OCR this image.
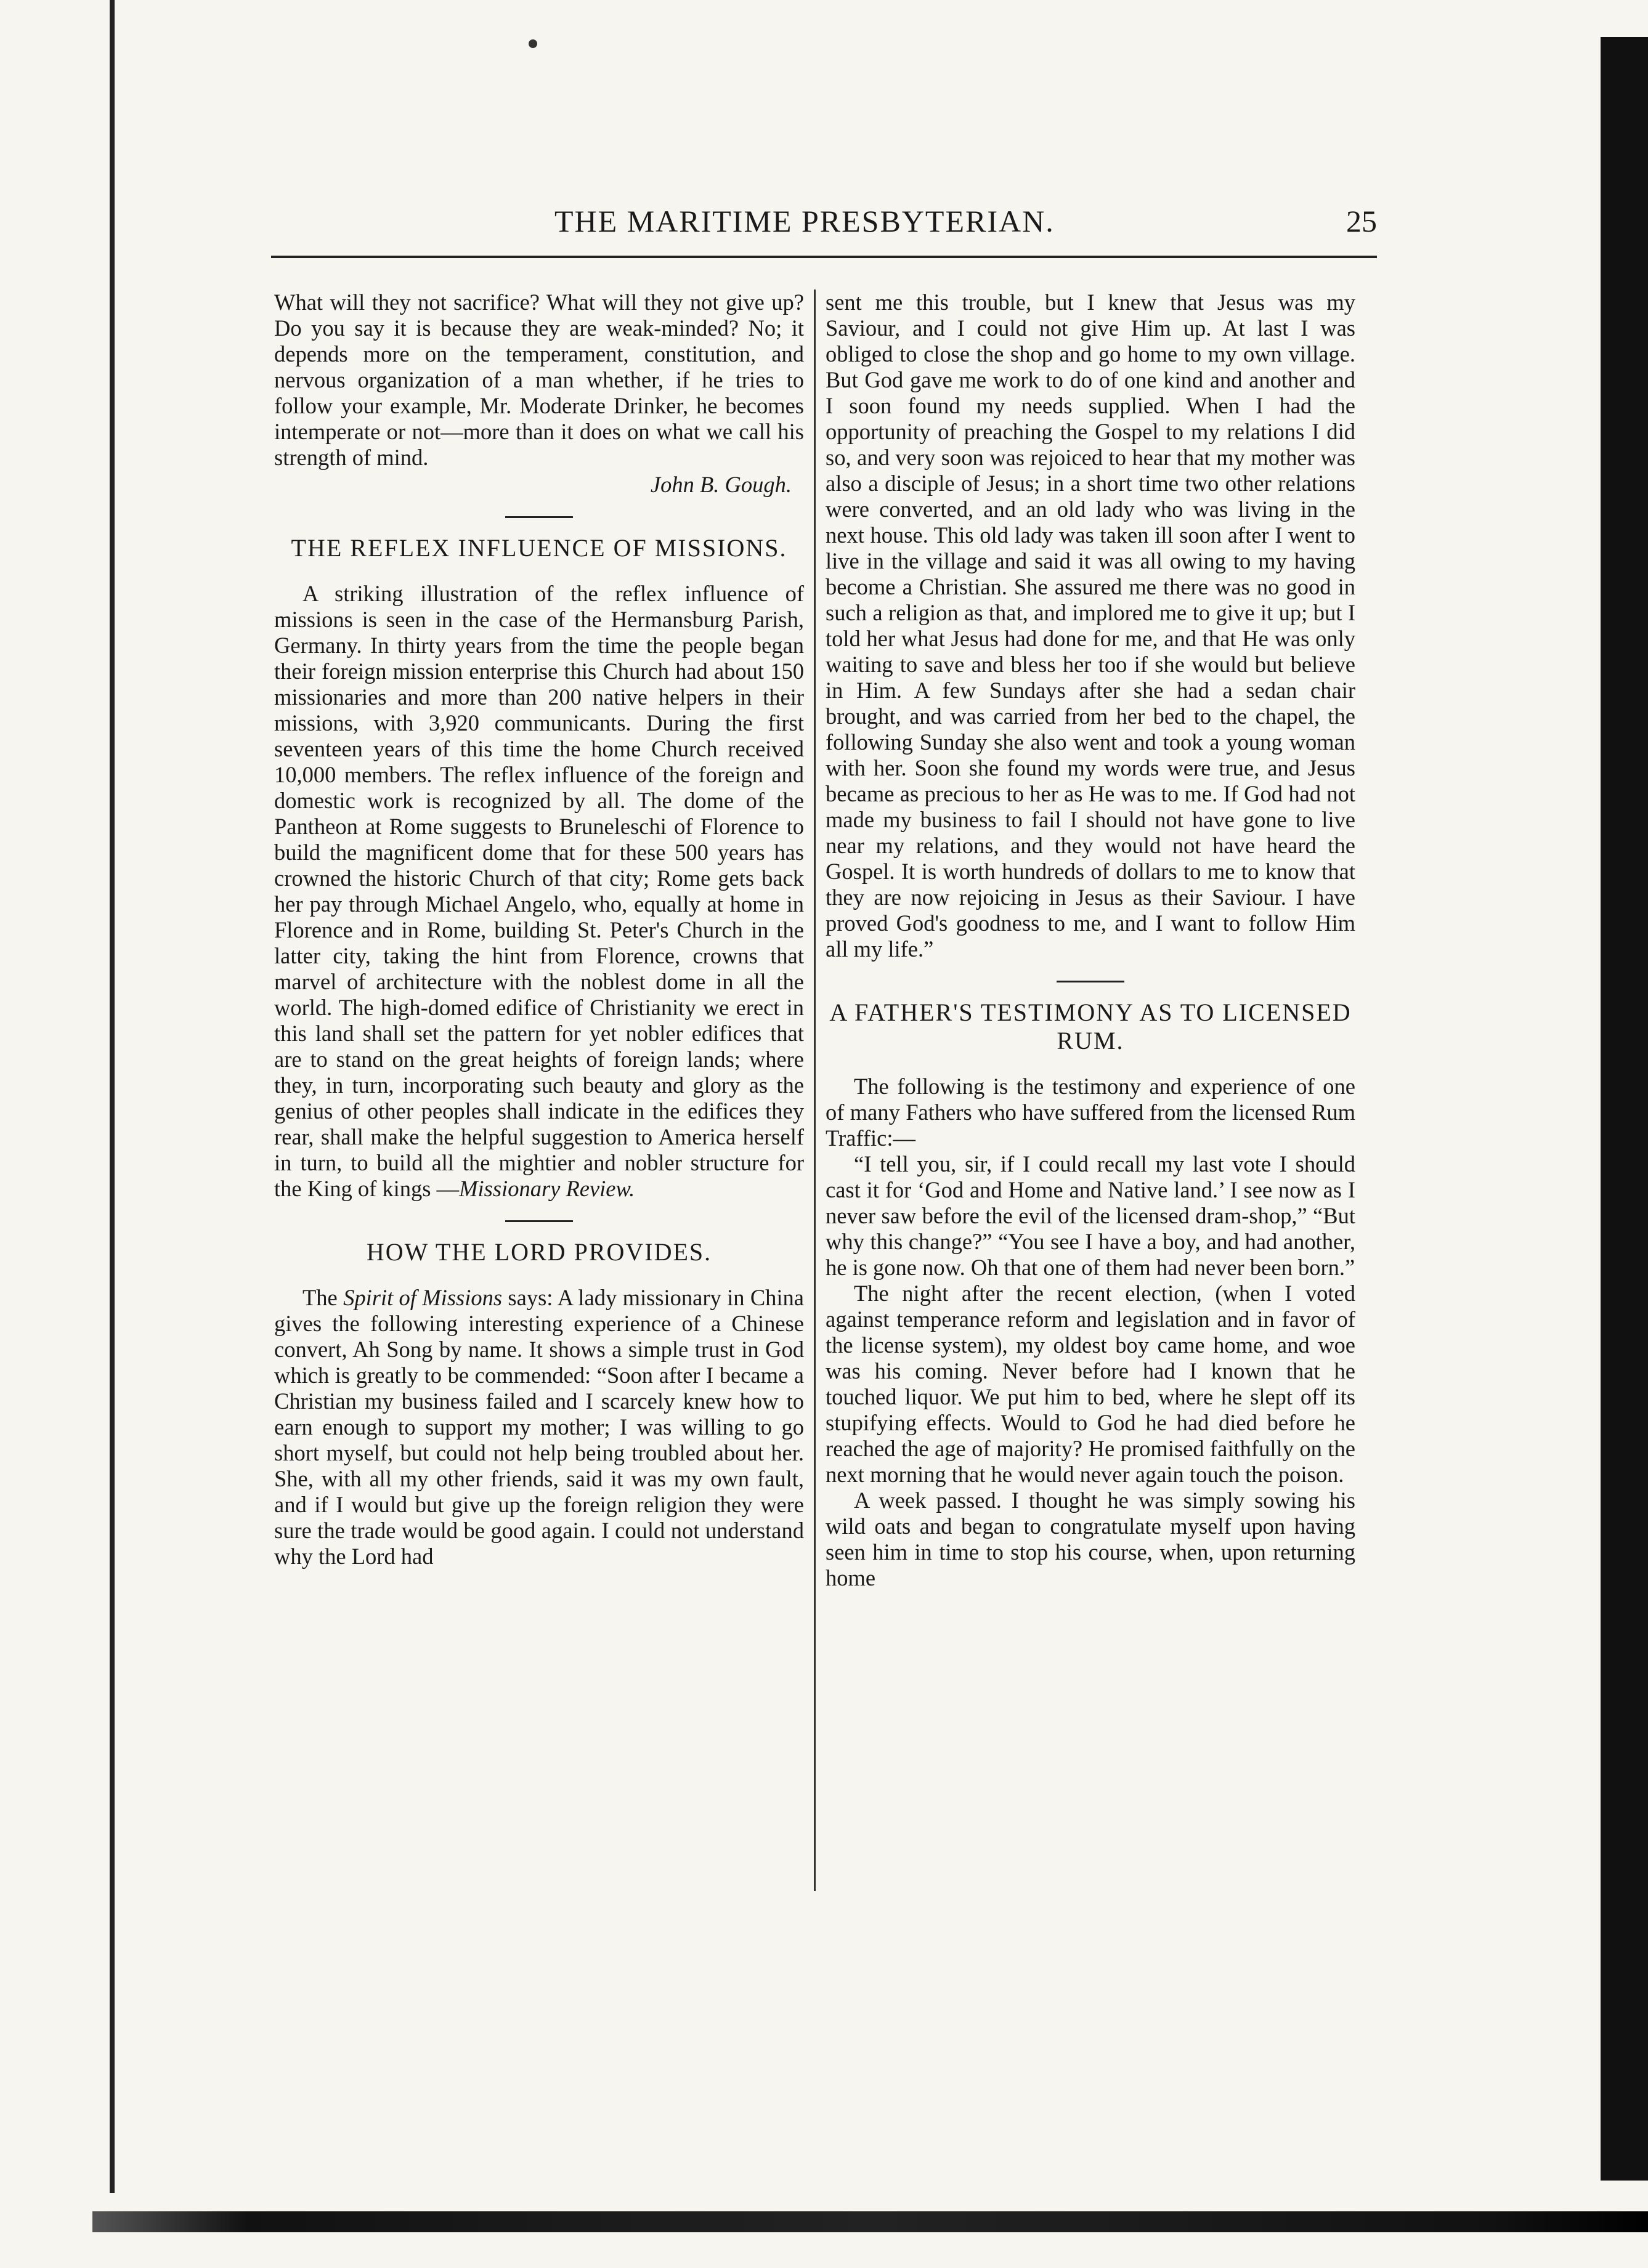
THE MARITIME PRESBYTERIAN.	25

What will they not sacrifice? What will they not give up? Do you say it is because they are weak-minded? No; it depends more on the temperament, constitution, and nervous organization of a man whether, if he tries to follow your example, Mr. Moderate Drinker, he becomes intemperate or not—more than it does on what we call his strength of mind.

John B. Gough.

THE REFLEX INFLUENCE OF MISSIONS.

A striking illustration of the reflex influence of missions is seen in the case of the Hermansburg Parish, Germany. In thirty years from the time the people began their foreign mission enterprise this Church had about 150 missionaries and more than 200 native helpers in their missions, with 3,920 communicants. During the first seventeen years of this time the home Church received 10,000 members. The reflex influence of the foreign and domestic work is recognized by all. The dome of the Pantheon at Rome suggests to Bruneleschi of Florence to build the magnificent dome that for these 500 years has crowned the historic Church of that city; Rome gets back her pay through Michael Angelo, who, equally at home in Florence and in Rome, building St. Peter's Church in the latter city, taking the hint from Florence, crowns that marvel of architecture with the noblest dome in all the world. The high-domed edifice of Christianity we erect in this land shall set the pattern for yet nobler edifices that are to stand on the great heights of foreign lands; where they, in turn, incorporating such beauty and glory as the genius of other peoples shall indicate in the edifices they rear, shall make the helpful suggestion to America herself in turn, to build all the mightier and nobler structure for the King of kings —Missionary Review.

HOW THE LORD PROVIDES.

The Spirit of Missions says: A lady missionary in China gives the following interesting experience of a Chinese convert, Ah Song by name. It shows a simple trust in God which is greatly to be commended: “Soon after I became a Christian my business failed and I scarcely knew how to earn enough to support my mother; I was willing to go short myself, but could not help being troubled about her. She, with all my other friends, said it was my own fault, and if I would but give up the foreign religion they were sure the trade would be good again. I could not understand why the Lord had

sent me this trouble, but I knew that Jesus was my Saviour, and I could not give Him up. At last I was obliged to close the shop and go home to my own village. But God gave me work to do of one kind and another and I soon found my needs supplied. When I had the opportunity of preaching the Gospel to my relations I did so, and very soon was rejoiced to hear that my mother was also a disciple of Jesus; in a short time two other relations were converted, and an old lady who was living in the next house. This old lady was taken ill soon after I went to live in the village and said it was all owing to my having become a Christian. She assured me there was no good in such a religion as that, and implored me to give it up; but I told her what Jesus had done for me, and that He was only waiting to save and bless her too if she would but believe in Him. A few Sundays after she had a sedan chair brought, and was carried from her bed to the chapel, the following Sunday she also went and took a young woman with her. Soon she found my words were true, and Jesus became as precious to her as He was to me. If God had not made my business to fail I should not have gone to live near my relations, and they would not have heard the Gospel. It is worth hundreds of dollars to me to know that they are now rejoicing in Jesus as their Saviour. I have proved God's goodness to me, and I want to follow Him all my life.”

A FATHER'S TESTIMONY AS TO LICENSED RUM.

The following is the testimony and experience of one of many Fathers who have suffered from the licensed Rum Traffic:—

“I tell you, sir, if I could recall my last vote I should cast it for ‘God and Home and Native land.’ I see now as I never saw before the evil of the licensed dram-shop,” “But why this change?” “You see I have a boy, and had another, he is gone now. Oh that one of them had never been born.”

The night after the recent election, (when I voted against temperance reform and legislation and in favor of the license system), my oldest boy came home, and woe was his coming. Never before had I known that he touched liquor. We put him to bed, where he slept off its stupifying effects. Would to God he had died before he reached the age of majority? He promised faithfully on the next morning that he would never again touch the poison.

A week passed. I thought he was simply sowing his wild oats and began to congratulate myself upon having seen him in time to stop his course, when, upon returning home
